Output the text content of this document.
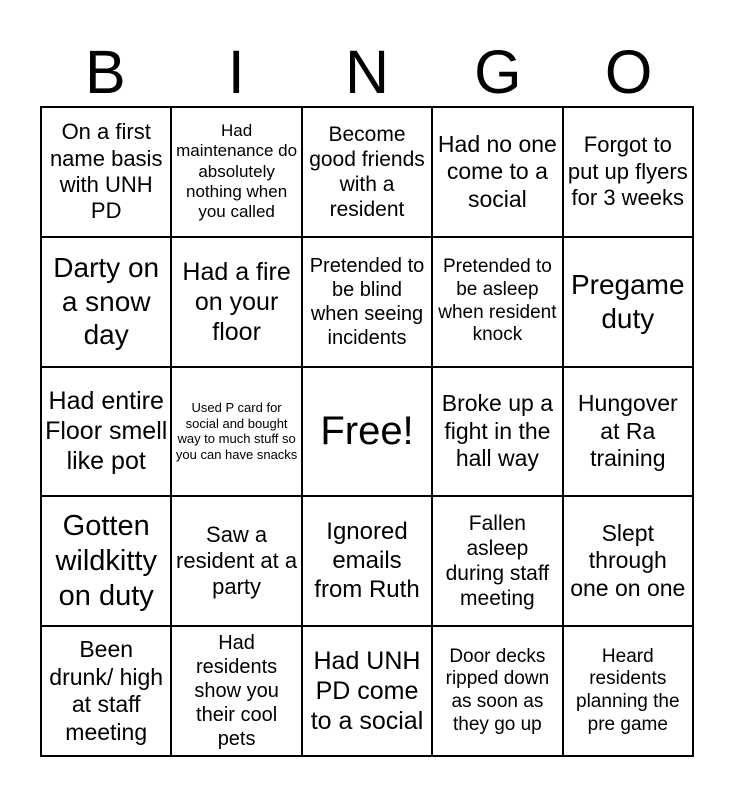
B	I	N	G	O
On a first name basis with UNH PD
Had maintenance do absolutely nothing when you called
Become good friends with a resident
Had no one come to a social
Forgot to put up flyers for 3 weeks
Darty on a snow day
Had a fire on your floor
Pretended to be blind when seeing incidents
Pretended to be asleep when resident knock
Pregame duty
Had entire Floor smell like pot
Used P card for social and bought way to much stuff so you can have snacks
Free!
Broke up a fight in the hall way
Hungover at Ra training
Gotten wildkitty on duty
Saw a resident at a party
Ignored emails from Ruth
Fallen asleep during staff meeting
Slept through one on one
Been drunk/ high at staff meeting
Had residents show you their cool pets
Had UNH PD come to a social
Door decks ripped down as soon as they go up
Heard residents planning the pre game
